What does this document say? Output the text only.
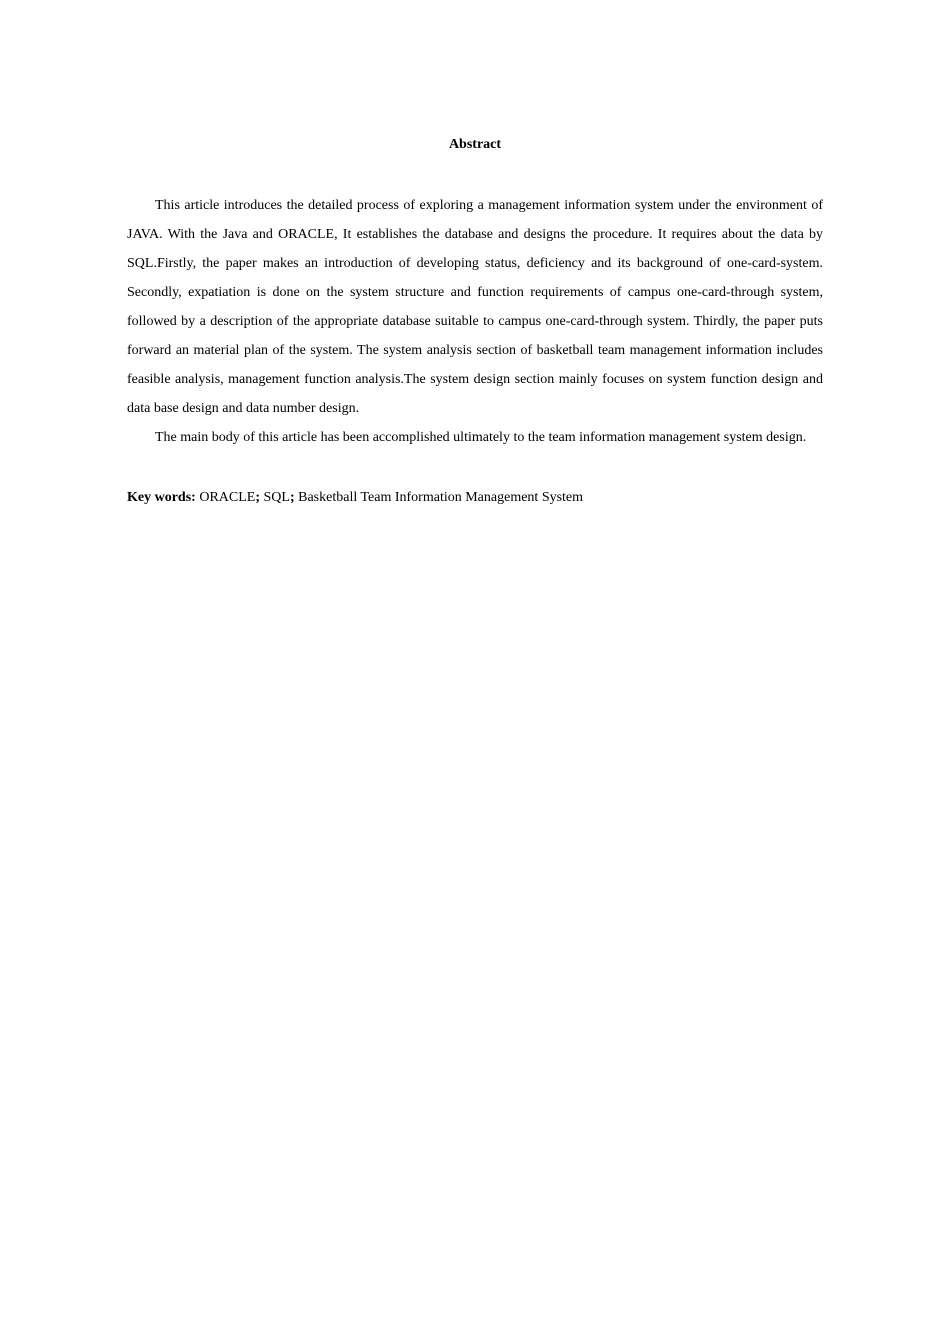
Abstract

This article introduces the detailed process of exploring a management information system under the environment of JAVA. With the Java and ORACLE, It establishes the database and designs the procedure. It requires about the data by SQL.Firstly, the paper makes an introduction of developing status, deficiency and its background of one-card-system. Secondly, expatiation is done on the system structure and function requirements of campus one-card-through system, followed by a description of the appropriate database suitable to campus one-card-through system. Thirdly, the paper puts forward an material plan of the system. The system analysis section of basketball team management information includes feasible analysis, management function analysis.The system design section mainly focuses on system function design and data base design and data number design.

The main body of this article has been accomplished ultimately to the team information management system design.

Key words: ORACLE; SQL; Basketball Team Information Management System
